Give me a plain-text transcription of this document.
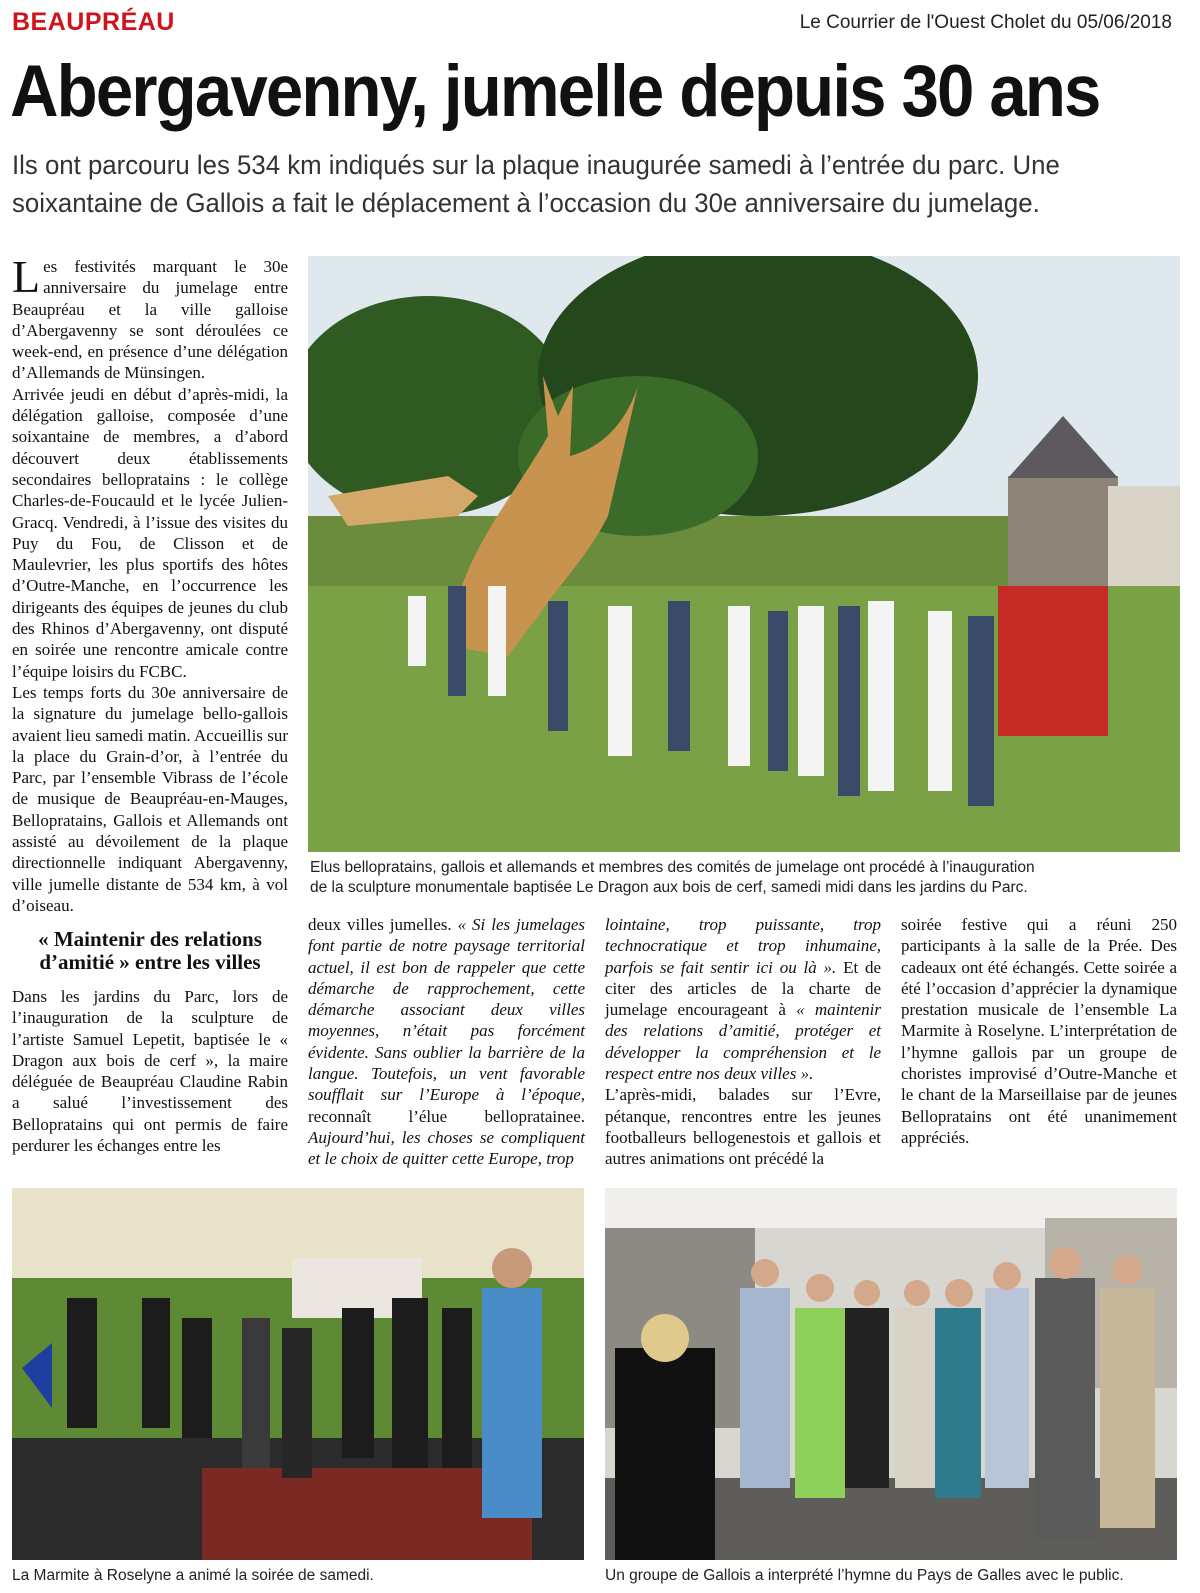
BEAUPRÉAU	Le Courrier de l'Ouest Cholet du 05/06/2018
Abergavenny, jumelle depuis 30 ans

Ils ont parcouru les 534 km indiqués sur la plaque inaugurée samedi à l’entrée du parc. Une

soixantaine de Gallois a fait le déplacement à l’occasion du 30e anniversaire du jumelage.

Les festivités marquant le 30e anniversaire du jumelage entre Beaupréau et la ville galloise d’Abergavenny se sont déroulées ce week-end, en présence d’une délégation d’Allemands de Münsingen.

Arrivée jeudi en début d’après-midi, la délégation galloise, composée d’une soixantaine de membres, a d’abord découvert deux établissements secondaires bellopratains : le collège Charles-de-Foucauld et le lycée Julien-Gracq. Vendredi, à l’issue des visites du Puy du Fou, de Clisson et de Maulevrier, les plus sportifs des hôtes d’Outre-Manche, en l’occurrence les dirigeants des équipes de jeunes du club des Rhinos d’Abergavenny, ont disputé en soirée une rencontre amicale contre l’équipe loisirs du FCBC.

Les temps forts du 30e anniversaire de la signature du jumelage bello-gallois avaient lieu samedi matin. Accueillis sur la place du Grain-d’or, à l’entrée du Parc, par l’ensemble Vibrass de l’école de musique de Beaupréau-en-Mauges, Bellopratains, Gallois et Allemands ont assisté au dévoilement de la plaque directionnelle indiquant Abergavenny, ville jumelle distante de 534 km, à vol d’oiseau.

« Maintenir des relations d’amitié » entre les villes

Dans les jardins du Parc, lors de l’inauguration de la sculpture de l’artiste Samuel Lepetit, baptisée le « Dragon aux bois de cerf », la maire déléguée de Beaupréau Claudine Rabin a salué l’investissement des Bellopratains qui ont permis de faire perdurer les échanges entre les

Elus bellopratains, gallois et allemands et membres des comités de jumelage ont procédé à l’inauguration
de la sculpture monumentale baptisée Le Dragon aux bois de cerf, samedi midi dans les jardins du Parc.

deux villes jumelles. « Si les jumelages font partie de notre paysage territorial actuel, il est bon de rappeler que cette démarche de rapprochement, cette démarche associant deux villes moyennes, n’était pas forcément évidente. Sans oublier la barrière de la langue. Toutefois, un vent favorable soufflait sur l’Europe à l’époque, reconnaît l’élue bellopratainee. Aujourd’hui, les choses se compliquent et le choix de quitter cette Europe, trop

lointaine, trop puissante, trop technocratique et trop inhumaine, parfois se fait sentir ici ou là ». Et de citer des articles de la charte de jumelage encourageant à « maintenir des relations d’amitié, protéger et développer la compréhension et le respect entre nos deux villes ».

L’après-midi, balades sur l’Evre, pétanque, rencontres entre les jeunes footballeurs bellogenestois et gallois et autres animations ont précédé la

soirée festive qui a réuni 250 participants à la salle de la Prée. Des cadeaux ont été échangés. Cette soirée a été l’occasion d’apprécier la dynamique prestation musicale de l’ensemble La Marmite à Roselyne. L’interprétation de l’hymne gallois par un groupe de choristes improvisé d’Outre-Manche et le chant de la Marseillaise par de jeunes Bellopratains ont été unanimement appréciés.

La Marmite à Roselyne a animé la soirée de samedi.	Un groupe de Gallois a interprété l’hymne du Pays de Galles avec le public.
